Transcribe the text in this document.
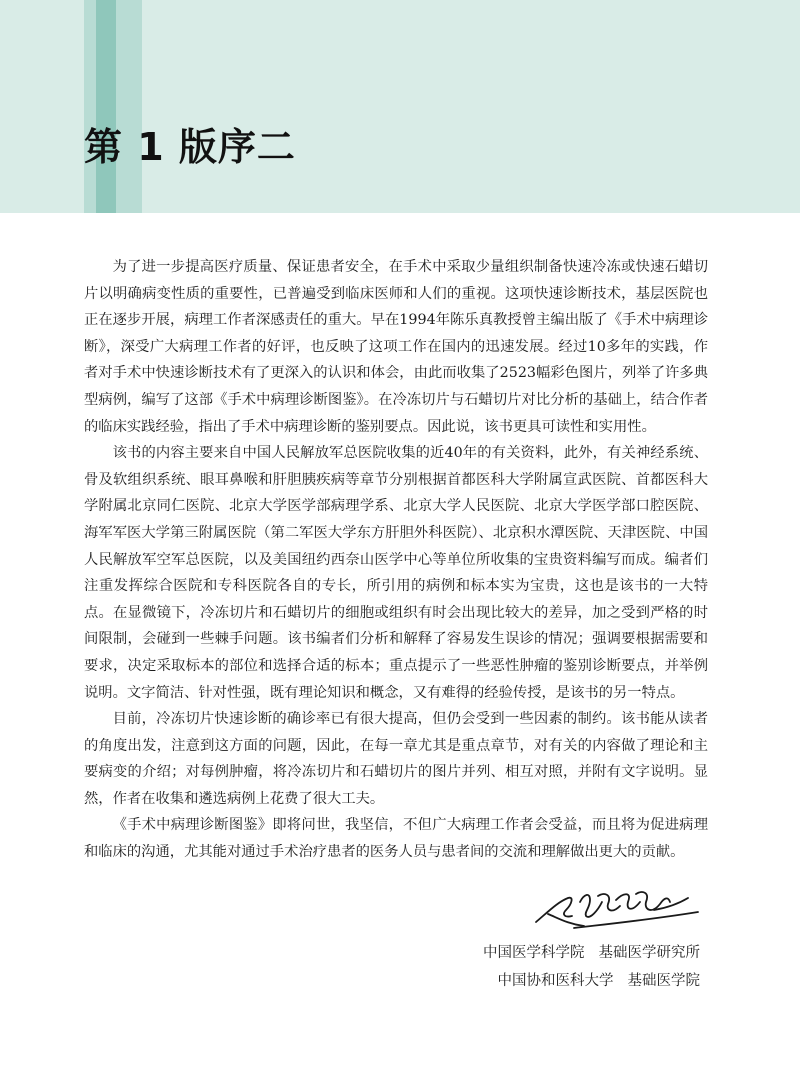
第 1 版序二

为了进一步提高医疗质量、保证患者安全，在手术中采取少量组织制备快速冷冻或快速石蜡切片以明确病变性质的重要性，已普遍受到临床医师和人们的重视。这项快速诊断技术，基层医院也正在逐步开展，病理工作者深感责任的重大。早在1994年陈乐真教授曾主编出版了《手术中病理诊断》，深受广大病理工作者的好评，也反映了这项工作在国内的迅速发展。经过10多年的实践，作者对手术中快速诊断技术有了更深入的认识和体会，由此而收集了2523幅彩色图片，列举了许多典型病例，编写了这部《手术中病理诊断图鉴》。在冷冻切片与石蜡切片对比分析的基础上，结合作者的临床实践经验，指出了手术中病理诊断的鉴别要点。因此说，该书更具可读性和实用性。

该书的内容主要来自中国人民解放军总医院收集的近40年的有关资料，此外，有关神经系统、骨及软组织系统、眼耳鼻喉和肝胆胰疾病等章节分别根据首都医科大学附属宣武医院、首都医科大学附属北京同仁医院、北京大学医学部病理学系、北京大学人民医院、北京大学医学部口腔医院、海军军医大学第三附属医院（第二军医大学东方肝胆外科医院）、北京积水潭医院、天津医院、中国人民解放军空军总医院，以及美国纽约西奈山医学中心等单位所收集的宝贵资料编写而成。编者们注重发挥综合医院和专科医院各自的专长，所引用的病例和标本实为宝贵，这也是该书的一大特点。在显微镜下，冷冻切片和石蜡切片的细胞或组织有时会出现比较大的差异，加之受到严格的时间限制，会碰到一些棘手问题。该书编者们分析和解释了容易发生误诊的情况；强调要根据需要和要求，决定采取标本的部位和选择合适的标本；重点提示了一些恶性肿瘤的鉴别诊断要点，并举例说明。文字简洁、针对性强，既有理论知识和概念，又有难得的经验传授，是该书的另一特点。

目前，冷冻切片快速诊断的确诊率已有很大提高，但仍会受到一些因素的制约。该书能从读者的角度出发，注意到这方面的问题，因此，在每一章尤其是重点章节，对有关的内容做了理论和主要病变的介绍；对每例肿瘤，将冷冻切片和石蜡切片的图片并列、相互对照，并附有文字说明。显然，作者在收集和遴选病例上花费了很大工夫。

《手术中病理诊断图鉴》即将问世，我坚信，不但广大病理工作者会受益，而且将为促进病理和临床的沟通，尤其能对通过手术治疗患者的医务人员与患者间的交流和理解做出更大的贡献。

中国医学科学院 基础医学研究所
中国协和医科大学 基础医学院
